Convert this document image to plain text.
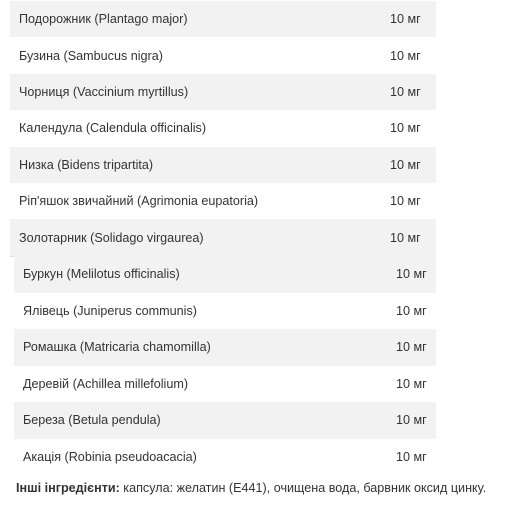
Подорожник (Plantago major)	10 мг
Бузина (Sambucus nigra)	10 мг
Чорниця (Vaccinium myrtillus)	10 мг
Календула (Calendula officinalis)	10 мг
Низка (Bidens tripartita)	10 мг
Ріп'яшок звичайний (Agrimonia eupatoria)	10 мг
Золотарник (Solidago virgaurea)	10 мг
Буркун (Melilotus officinalis)	10 мг
Ялівець (Juniperus communis)	10 мг
Ромашка (Matricaria chamomilla)	10 мг
Деревій (Achillea millefolium)	10 мг
Береза (Betula pendula)	10 мг
Акація (Robinia pseudoacacia)	10 мг
Інші інгредієнти: капсула: желатин (E441), очищена вода, барвник оксид цинку.
